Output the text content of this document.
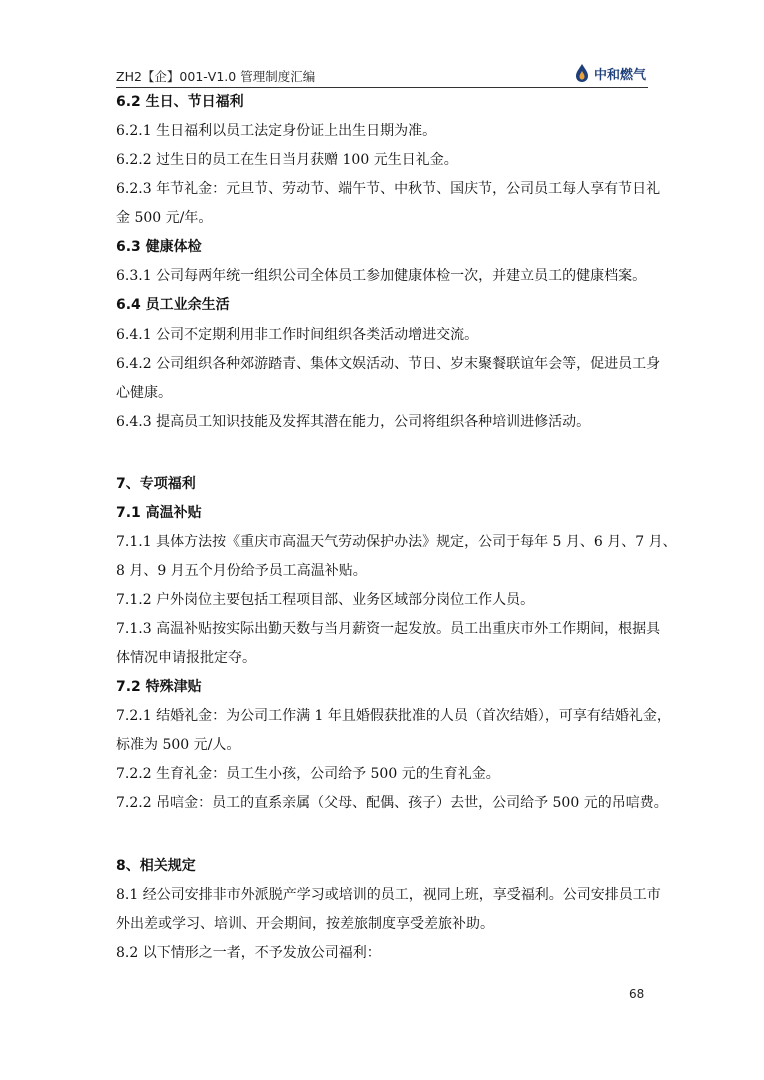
ZH2【企】001-V1.0 管理制度汇编	中和燃气
6.2 生日、节日福利
6.2.1 生日福利以员工法定身份证上出生日期为准。
6.2.2 过生日的员工在生日当月获赠 100 元生日礼金。
6.2.3 年节礼金：元旦节、劳动节、端午节、中秋节、国庆节，公司员工每人享有节日礼
金 500 元/年。
6.3 健康体检
6.3.1 公司每两年统一组织公司全体员工参加健康体检一次，并建立员工的健康档案。
6.4 员工业余生活
6.4.1 公司不定期利用非工作时间组织各类活动增进交流。
6.4.2 公司组织各种郊游踏青、集体文娱活动、节日、岁末聚餐联谊年会等，促进员工身
心健康。
6.4.3 提高员工知识技能及发挥其潜在能力，公司将组织各种培训进修活动。
7、专项福利
7.1 高温补贴
7.1.1 具体方法按《重庆市高温天气劳动保护办法》规定，公司于每年 5 月、6 月、7 月、
8 月、9 月五个月份给予员工高温补贴。
7.1.2 户外岗位主要包括工程项目部、业务区域部分岗位工作人员。
7.1.3 高温补贴按实际出勤天数与当月薪资一起发放。员工出重庆市外工作期间，根据具
体情况申请报批定夺。
7.2 特殊津贴
7.2.1 结婚礼金：为公司工作满 1 年且婚假获批准的人员（首次结婚），可享有结婚礼金，
标准为 500 元/人。
7.2.2 生育礼金：员工生小孩，公司给予 500 元的生育礼金。
7.2.2 吊唁金：员工的直系亲属（父母、配偶、孩子）去世，公司给予 500 元的吊唁费。
8、相关规定
8.1 经公司安排非市外派脱产学习或培训的员工，视同上班，享受福利。公司安排员工市
外出差或学习、培训、开会期间，按差旅制度享受差旅补助。
8.2 以下情形之一者，不予发放公司福利：
68
